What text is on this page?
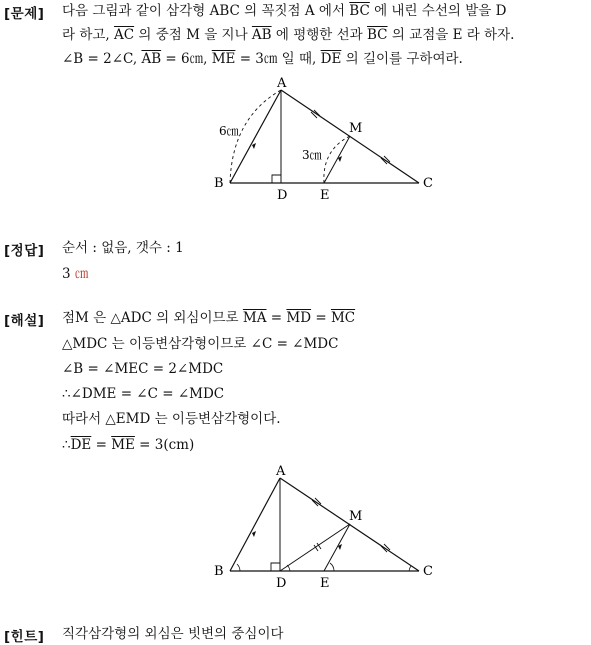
[문제] 다음 그림과 같이 삼각형 ABC 의 꼭짓점 A 에서 $\overline{BC}$ 에 내린 수선의 발을 D
라 하고, $\overline{AC}$ 의 중점 M 을 지나 $\overline{AB}$ 에 평행한 선과 $\overline{BC}$ 의 교점을 E 라 하자.
∠B = 2∠C, $\overline{AB}$ = 6㎝, $\overline{ME}$ = 3㎝ 일 때, $\overline{DE}$ 의 길이를 구하여라.
A
B	C
D	E
M
6㎝
3㎝
[정답] 순서 : 없음, 갯수 : 1
3 ㎝
[해설] 점M 은 △ADC 의 외심이므로 $\overline{MA} = \overline{MD} = \overline{MC}$
△MDC 는 이등변삼각형이므로 ∠C = ∠MDC
∠B = ∠MEC = 2∠MDC
∴∠DME = ∠C = ∠MDC
따라서 △EMD 는 이등변삼각형이다.
$\therefore\overline{DE} = \overline{ME} = 3(cm)$
A
B	C
D	E
M
[힌트] 직각삼각형의 외심은 빗변의 중심이다
